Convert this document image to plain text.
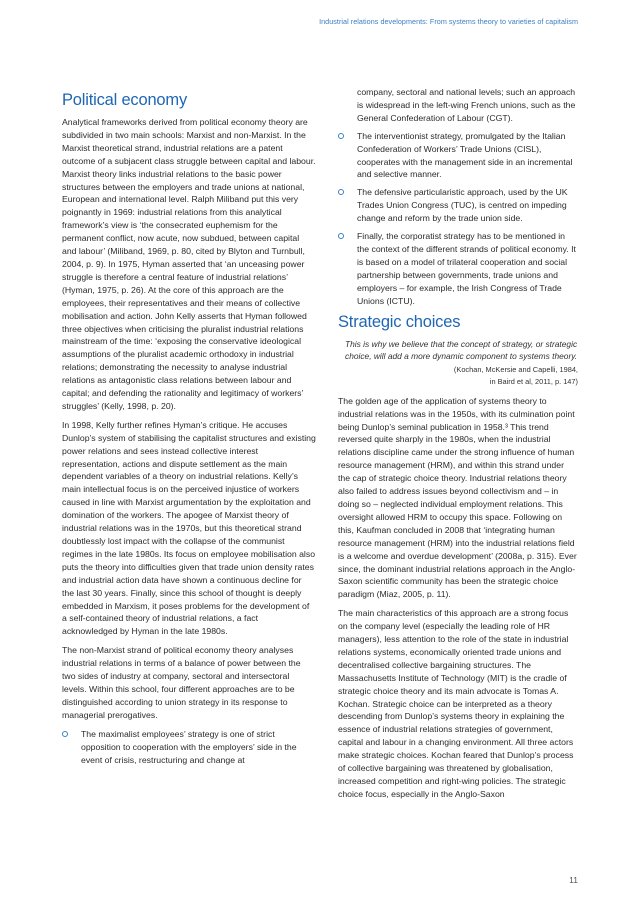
Industrial relations developments: From systems theory to varieties of capitalism
Political economy

Analytical frameworks derived from political economy theory are subdivided in two main schools: Marxist and non-Marxist. In the Marxist theoretical strand, industrial relations are a patent outcome of a subjacent class struggle between capital and labour. Marxist theory links industrial relations to the basic power structures between the employers and trade unions at national, European and international level. Ralph Miliband put this very poignantly in 1969: industrial relations from this analytical framework’s view is ‘the consecrated euphemism for the permanent conflict, now acute, now subdued, between capital and labour’ (Miliband, 1969, p. 80, cited by Blyton and Turnbull, 2004, p. 9). In 1975, Hyman asserted that ‘an unceasing power struggle is therefore a central feature of industrial relations’ (Hyman, 1975, p. 26). At the core of this approach are the employees, their representatives and their means of collective mobilisation and action. John Kelly asserts that Hyman followed three objectives when criticising the pluralist industrial relations mainstream of the time: ‘exposing the conservative ideological assumptions of the pluralist academic orthodoxy in industrial relations; demonstrating the necessity to analyse industrial relations as antagonistic class relations between labour and capital; and defending the rationality and legitimacy of workers’ struggles’ (Kelly, 1998, p. 20).

In 1998, Kelly further refines Hyman’s critique. He accuses Dunlop’s system of stabilising the capitalist structures and existing power relations and sees instead collective interest representation, actions and dispute settlement as the main dependent variables of a theory on industrial relations. Kelly’s main intellectual focus is on the perceived injustice of workers caused in line with Marxist argumentation by the exploitation and domination of the workers. The apogee of Marxist theory of industrial relations was in the 1970s, but this theoretical strand doubtlessly lost impact with the collapse of the communist regimes in the late 1980s. Its focus on employee mobilisation also puts the theory into difficulties given that trade union density rates and industrial action data have shown a continuous decline for the last 30 years. Finally, since this school of thought is deeply embedded in Marxism, it poses problems for the development of a self-contained theory of industrial relations, a fact acknowledged by Hyman in the late 1980s.

The non-Marxist strand of political economy theory analyses industrial relations in terms of a balance of power between the two sides of industry at company, sectoral and intersectoral levels. Within this school, four different approaches are to be distinguished according to union strategy in its response to managerial prerogatives.

The maximalist employees’ strategy is one of strict opposition to cooperation with the employers’ side in the event of crisis, restructuring and change at
company, sectoral and national levels; such an approach is widespread in the left-wing French unions, such as the General Confederation of Labour (CGT).
The interventionist strategy, promulgated by the Italian Confederation of Workers’ Trade Unions (CISL), cooperates with the management side in an incremental and selective manner.
The defensive particularistic approach, used by the UK Trades Union Congress (TUC), is centred on impeding change and reform by the trade union side.
Finally, the corporatist strategy has to be mentioned in the context of the different strands of political economy. It is based on a model of trilateral cooperation and social partnership between governments, trade unions and employers – for example, the Irish Congress of Trade Unions (ICTU).
Strategic choices
This is why we believe that the concept of strategy, or strategic choice, will add a more dynamic component to systems theory.
(Kochan, McKersie and Capelli, 1984,
in Baird et al, 2011, p. 147)

The golden age of the application of systems theory to industrial relations was in the 1950s, with its culmination point being Dunlop’s seminal publication in 1958.³ This trend reversed quite sharply in the 1980s, when the industrial relations discipline came under the strong influence of human resource management (HRM), and within this strand under the cap of strategic choice theory. Industrial relations theory also failed to address issues beyond collectivism and – in doing so – neglected individual employment relations. This oversight allowed HRM to occupy this space. Following on this, Kaufman concluded in 2008 that ‘integrating human resource management (HRM) into the industrial relations field is a welcome and overdue development’ (2008a, p. 315). Ever since, the dominant industrial relations approach in the Anglo-Saxon scientific community has been the strategic choice paradigm (Miaz, 2005, p. 11).

The main characteristics of this approach are a strong focus on the company level (especially the leading role of HR managers), less attention to the role of the state in industrial relations systems, economically oriented trade unions and decentralised collective bargaining structures. The Massachusetts Institute of Technology (MIT) is the cradle of strategic choice theory and its main advocate is Tomas A. Kochan. Strategic choice can be interpreted as a theory descending from Dunlop’s systems theory in explaining the essence of industrial relations strategies of government, capital and labour in a changing environment. All three actors make strategic choices. Kochan feared that Dunlop’s process of collective bargaining was threatened by globalisation, increased competition and right-wing policies. The strategic choice focus, especially in the Anglo-Saxon

11
